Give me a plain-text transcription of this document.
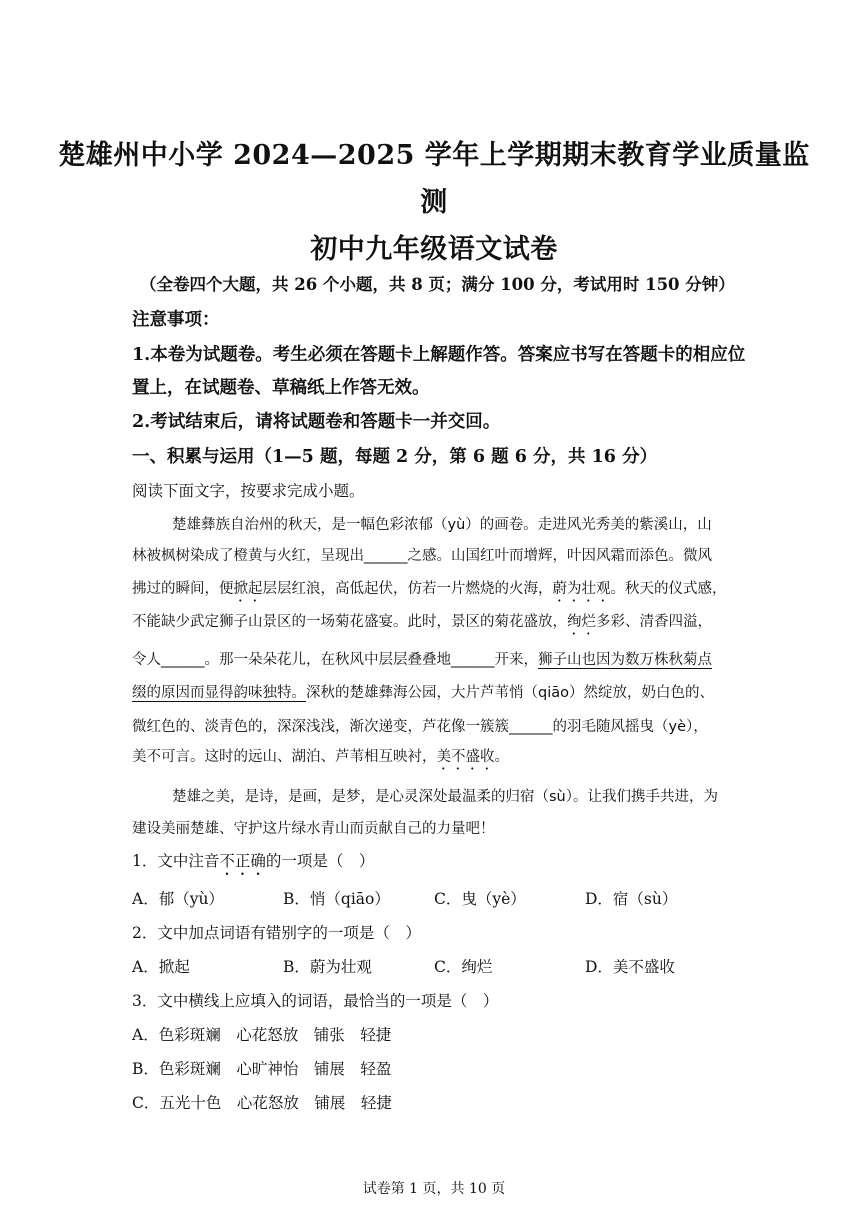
楚雄州中小学 2024—2025 学年上学期期末教育学业质量监
测
初中九年级语文试卷
（全卷四个大题，共 26 个小题，共 8 页；满分 100 分，考试用时 150 分钟）
注意事项：
1.本卷为试题卷。考生必须在答题卡上解题作答。答案应书写在答题卡的相应位
置上，在试题卷、草稿纸上作答无效。
2.考试结束后，请将试题卷和答题卡一并交回。
一、积累与运用（1—5 题，每题 2 分，第 6 题 6 分，共 16 分）
阅读下面文字，按要求完成小题。
楚雄彝族自治州的秋天，是一幅色彩浓郁（yù）的画卷。走进风光秀美的紫溪山，山
林被枫树染成了橙黄与火红，呈现出______之感。山国红叶而增辉，叶因风霜而添色。微风
拂过的瞬间，便掀起层层红浪，高低起伏，仿若一片燃烧的火海，蔚为壮观。秋天的仪式感，
不能缺少武定狮子山景区的一场菊花盛宴。此时，景区的菊花盛放，绚烂多彩、清香四溢，
令人______。那一朵朵花儿，在秋风中层层叠叠地______开来，狮子山也因为数万株秋菊点
缀的原因而显得韵味独特。深秋的楚雄彝海公园，大片芦苇悄（qiāo）然绽放，奶白色的、
微红色的、淡青色的，深深浅浅，渐次递变，芦花像一簇簇______的羽毛随风摇曳（yè），
美不可言。这时的远山、湖泊、芦苇相互映衬，美不盛收。
楚雄之美，是诗，是画，是梦，是心灵深处最温柔的归宿（sù）。让我们携手共进，为
建设美丽楚雄、守护这片绿水青山而贡献自己的力量吧！
1．文中注音不正确的一项是（　）
A．郁（yù）	B．悄（qiāo）	C．曳（yè）	D．宿（sù）
2．文中加点词语有错别字的一项是（　）
A．掀起	B．蔚为壮观	C．绚烂	D．美不盛收
3．文中横线上应填入的词语，最恰当的一项是（　）
A．色彩斑斓　心花怒放　铺张　轻捷
B．色彩斑斓　心旷神怡　铺展　轻盈
C．五光十色　心花怒放　铺展　轻捷
试卷第 1 页，共 10 页
